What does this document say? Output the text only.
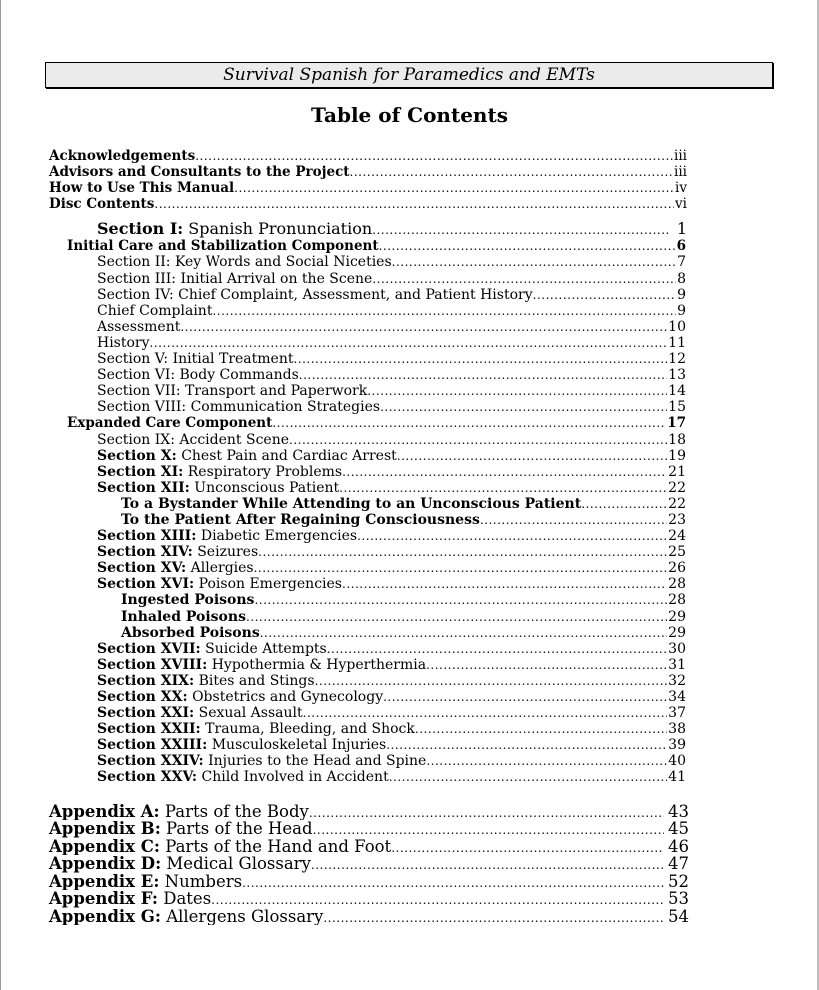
Survival Spanish for Paramedics and EMTs
Table of Contents
Acknowledgements .....	iii
Advisors and Consultants to the Project .....	iii
How to Use This Manual .....	iv
Disc Contents .....	vi
Section I: Spanish Pronunciation .....	1
Initial Care and Stabilization Component .....	6
Section II: Key Words and Social Niceties .....	7
Section III: Initial Arrival on the Scene .....	8
Section IV: Chief Complaint, Assessment, and Patient History .....	9
Chief Complaint .....	9
Assessment .....	10
History .....	11
Section V: Initial Treatment .....	12
Section VI: Body Commands .....	13
Section VII: Transport and Paperwork .....	14
Section VIII: Communication Strategies .....	15
Expanded Care Component .....	17
Section IX: Accident Scene .....	18
Section X: Chest Pain and Cardiac Arrest .....	19
Section XI: Respiratory Problems .....	21
Section XII: Unconscious Patient .....	22
To a Bystander While Attending to an Unconscious Patient .....	22
To the Patient After Regaining Consciousness .....	23
Section XIII: Diabetic Emergencies .....	24
Section XIV: Seizures .....	25
Section XV: Allergies .....	26
Section XVI: Poison Emergencies .....	28
Ingested Poisons .....	28
Inhaled Poisons .....	29
Absorbed Poisons .....	29
Section XVII: Suicide Attempts .....	30
Section XVIII: Hypothermia & Hyperthermia .....	31
Section XIX: Bites and Stings .....	32
Section XX: Obstetrics and Gynecology .....	34
Section XXI: Sexual Assault .....	37
Section XXII: Trauma, Bleeding, and Shock .....	38
Section XXIII: Musculoskeletal Injuries .....	39
Section XXIV: Injuries to the Head and Spine .....	40
Section XXV: Child Involved in Accident .....	41
Appendix A: Parts of the Body .....	43
Appendix B: Parts of the Head .....	45
Appendix C: Parts of the Hand and Foot .....	46
Appendix D: Medical Glossary .....	47
Appendix E: Numbers .....	52
Appendix F: Dates .....	53
Appendix G: Allergens Glossary .....	54
